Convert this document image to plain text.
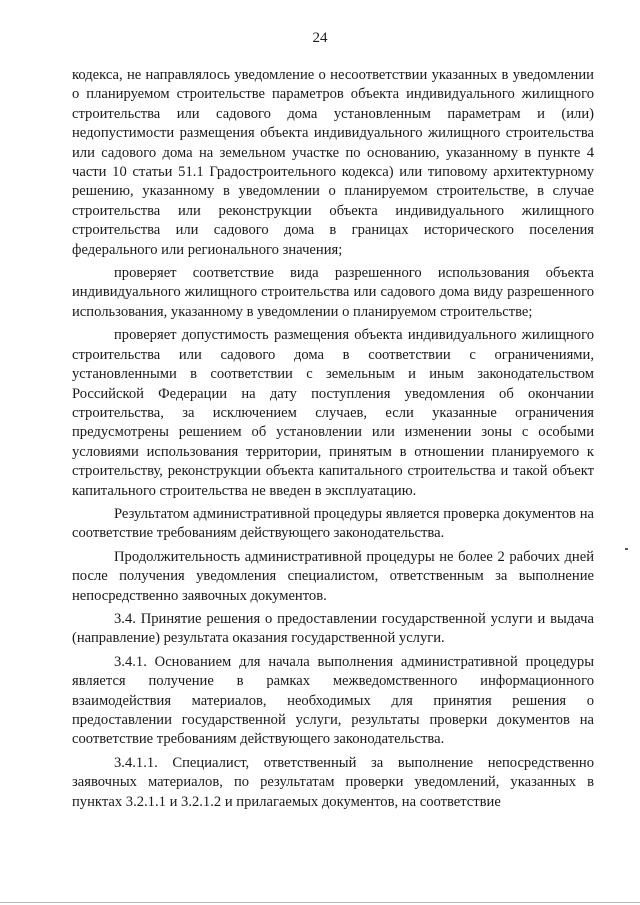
24

кодекса, не направлялось уведомление о несоответствии указанных в уведомлении о планируемом строительстве параметров объекта индивидуального жилищного строительства или садового дома установленным параметрам и (или) недопустимости размещения объекта индивидуального жилищного строительства или садового дома на земельном участке по основанию, указанному в пункте 4 части 10 статьи 51.1 Градостроительного кодекса) или типовому архитектурному решению, указанному в уведомлении о планируемом строительстве, в случае строительства или реконструкции объекта индивидуального жилищного строительства или садового дома в границах исторического поселения федерального или регионального значения;

проверяет соответствие вида разрешенного использования объекта индивидуального жилищного строительства или садового дома виду разрешенного использования, указанному в уведомлении о планируемом строительстве;

проверяет допустимость размещения объекта индивидуального жилищного строительства или садового дома в соответствии с ограничениями, установленными в соответствии с земельным и иным законодательством Российской Федерации на дату поступления уведомления об окончании строительства, за исключением случаев, если указанные ограничения предусмотрены решением об установлении или изменении зоны с особыми условиями использования территории, принятым в отношении планируемого к строительству, реконструкции объекта капитального строительства и такой объект капитального строительства не введен в эксплуатацию.

Результатом административной процедуры является проверка документов на соответствие требованиям действующего законодательства.

Продолжительность административной процедуры не более 2 рабочих дней после получения уведомления специалистом, ответственным за выполнение непосредственно заявочных документов.

3.4. Принятие решения о предоставлении государственной услуги и выдача (направление) результата оказания государственной услуги.

3.4.1. Основанием для начала выполнения административной процедуры является получение в рамках межведомственного информационного взаимодействия материалов, необходимых для принятия решения о предоставлении государственной услуги, результаты проверки документов на соответствие требованиям действующего законодательства.

3.4.1.1. Специалист, ответственный за выполнение непосредственно заявочных материалов, по результатам проверки уведомлений, указанных в пунктах 3.2.1.1 и 3.2.1.2 и прилагаемых документов, на соответствие
